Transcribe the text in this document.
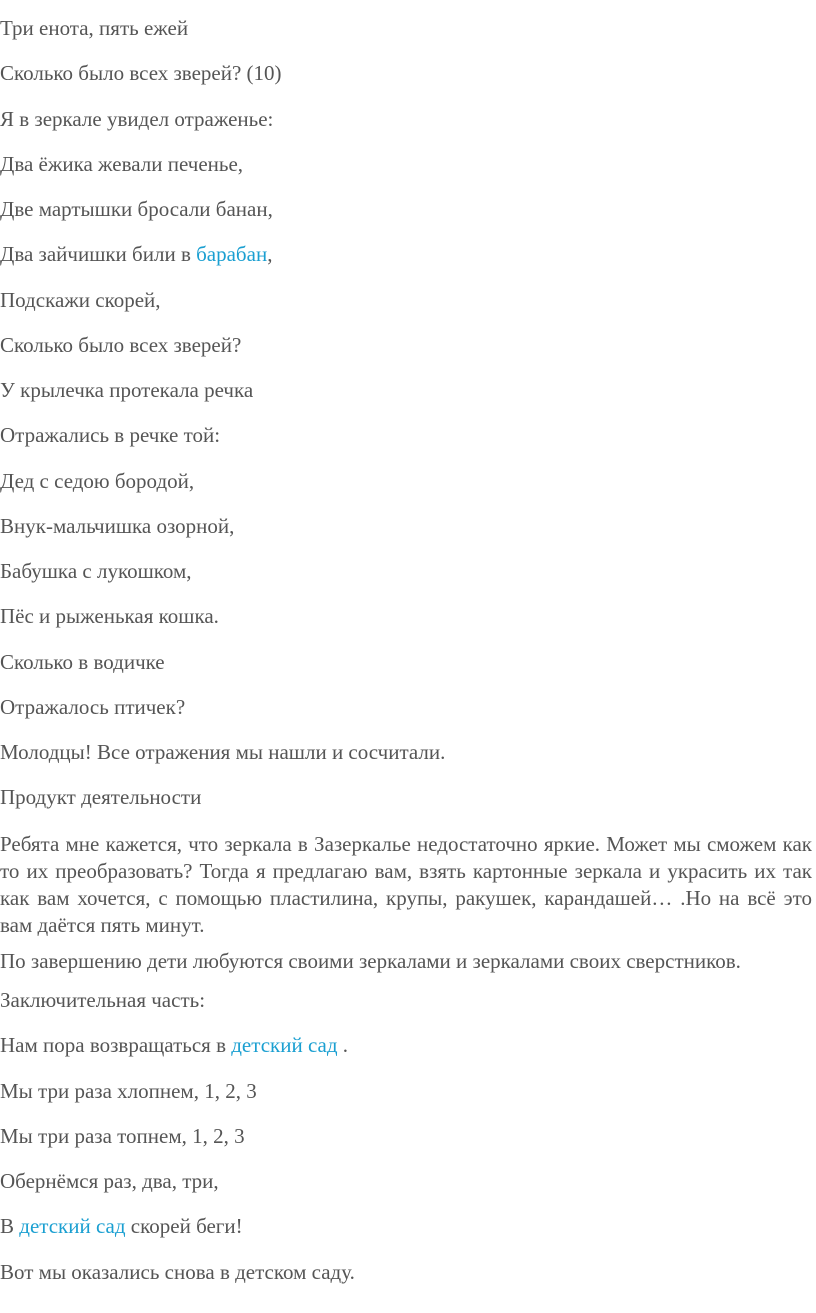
Три енота, пять ежей

Сколько было всех зверей? (10)

Я в зеркале увидел отраженье:

Два ёжика жевали печенье,

Две мартышки бросали банан,

Два зайчишки били в барабан,

Подскажи скорей,

Сколько было всех зверей?

У крылечка протекала речка

Отражались в речке той:

Дед с седою бородой,

Внук-мальчишка озорной,

Бабушка с лукошком,

Пёс и рыженькая кошка.

Сколько в водичке

Отражалось птичек?

Молодцы! Все отражения мы нашли и сосчитали.

Продукт деятельности

Ребята мне кажется, что зеркала в Зазеркалье недостаточно яркие. Может мы сможем как то их преобразовать? Тогда я предлагаю вам, взять картонные зеркала и украсить их так как вам хочется, с помощью пластилина, крупы, ракушек, карандашей… .Но на всё это вам даётся пять минут.

По завершению дети любуются своими зеркалами и зеркалами своих сверстников.

Заключительная часть:

Нам пора возвращаться в детский сад .

Мы три раза хлопнем, 1, 2, 3

Мы три раза топнем, 1, 2, 3

Обернёмся раз, два, три,

В детский сад скорей беги!

Вот мы оказались снова в детском саду.
